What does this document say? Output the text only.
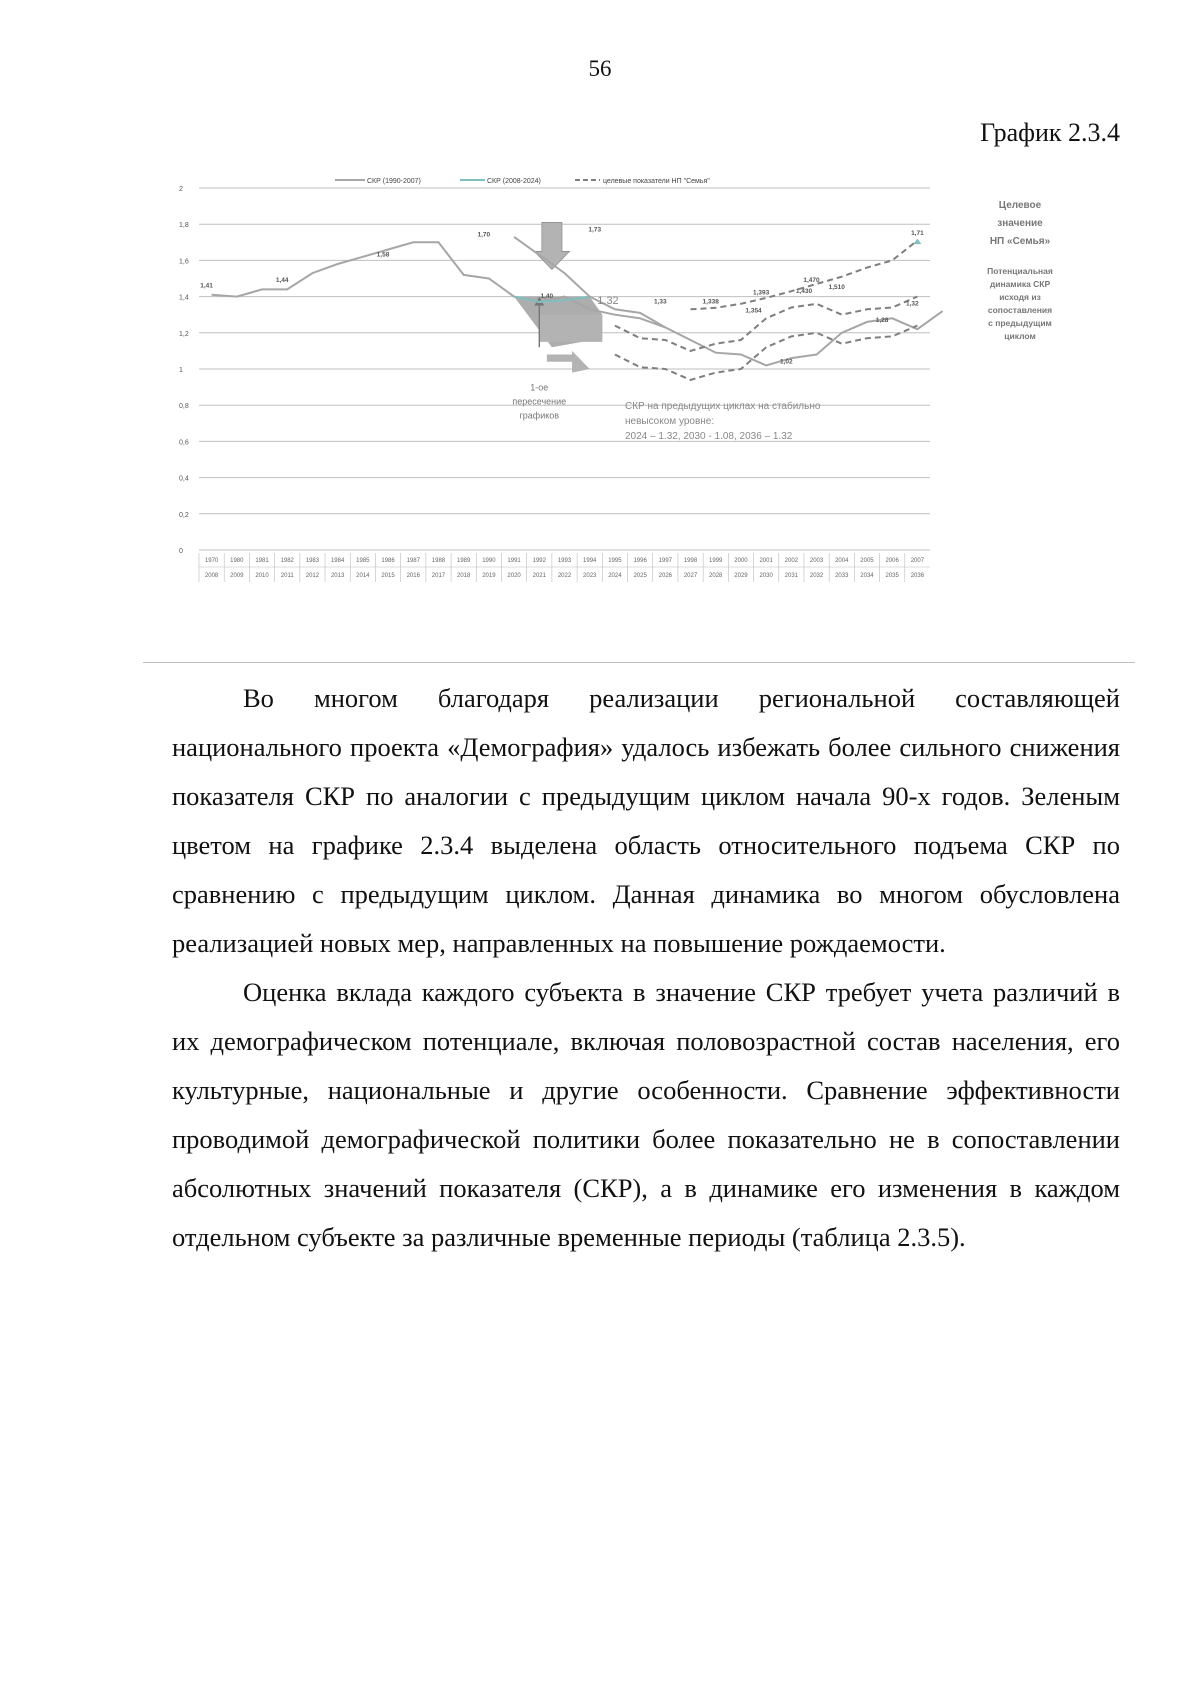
56
График 2.3.4
0
0,2
0,4
0,6
0,8
1
1,2
1,4
1,6
1,8
2
1970
2008
1980
2009
1981
2010
1982
2011
1983
2012
1984
2013
1985
2014
1986
2015
1987
2016
1988
2017
1989
2018
1990
2019
1991
2020
1992
2021
1993
2022
1994
2023
1995
2024
1996
2025
1997
2026
1998
2027
1999
2028
2000
2029
2001
2030
2002
2031
2003
2032
2004
2033
2005
2034
2006
2035
2007
2036
СКР (1990-2007)	СКР (2008-2024)	целевые показатели НП "Семья"
1,41
1,44
1,58
1,70
1,40
1,73
1,33	1,338
1,393
1,354
1,470
1,430
1,510
1,02
1,28
1,32
1,71
1.32
1-ое
пересечение
графиков
СКР на предыдущих циклах на стабильно
невысоком уровне:
2024 – 1.32, 2030 - 1.08, 2036 – 1.32
Целевое
значение
НП «Семья»
Потенциальная
динамика СКР
исходя из
сопоставления
с предыдущим
циклом

Во многом благодаря реализации региональной составляющей национального проекта «Демография» удалось избежать более сильного снижения показателя СКР по аналогии с предыдущим циклом начала 90-х годов. Зеленым цветом на графике 2.3.4 выделена область относительного подъема СКР по сравнению с предыдущим циклом. Данная динамика во многом обусловлена реализацией новых мер, направленных на повышение рождаемости.

Оценка вклада каждого субъекта в значение СКР требует учета различий в их демографическом потенциале, включая половозрастной состав населения, его культурные, национальные и другие особенности. Сравнение эффективности проводимой демографической политики более показательно не в сопоставлении абсолютных значений показателя (СКР), а в динамике его изменения в каждом отдельном субъекте за различные временные периоды (таблица 2.3.5).
